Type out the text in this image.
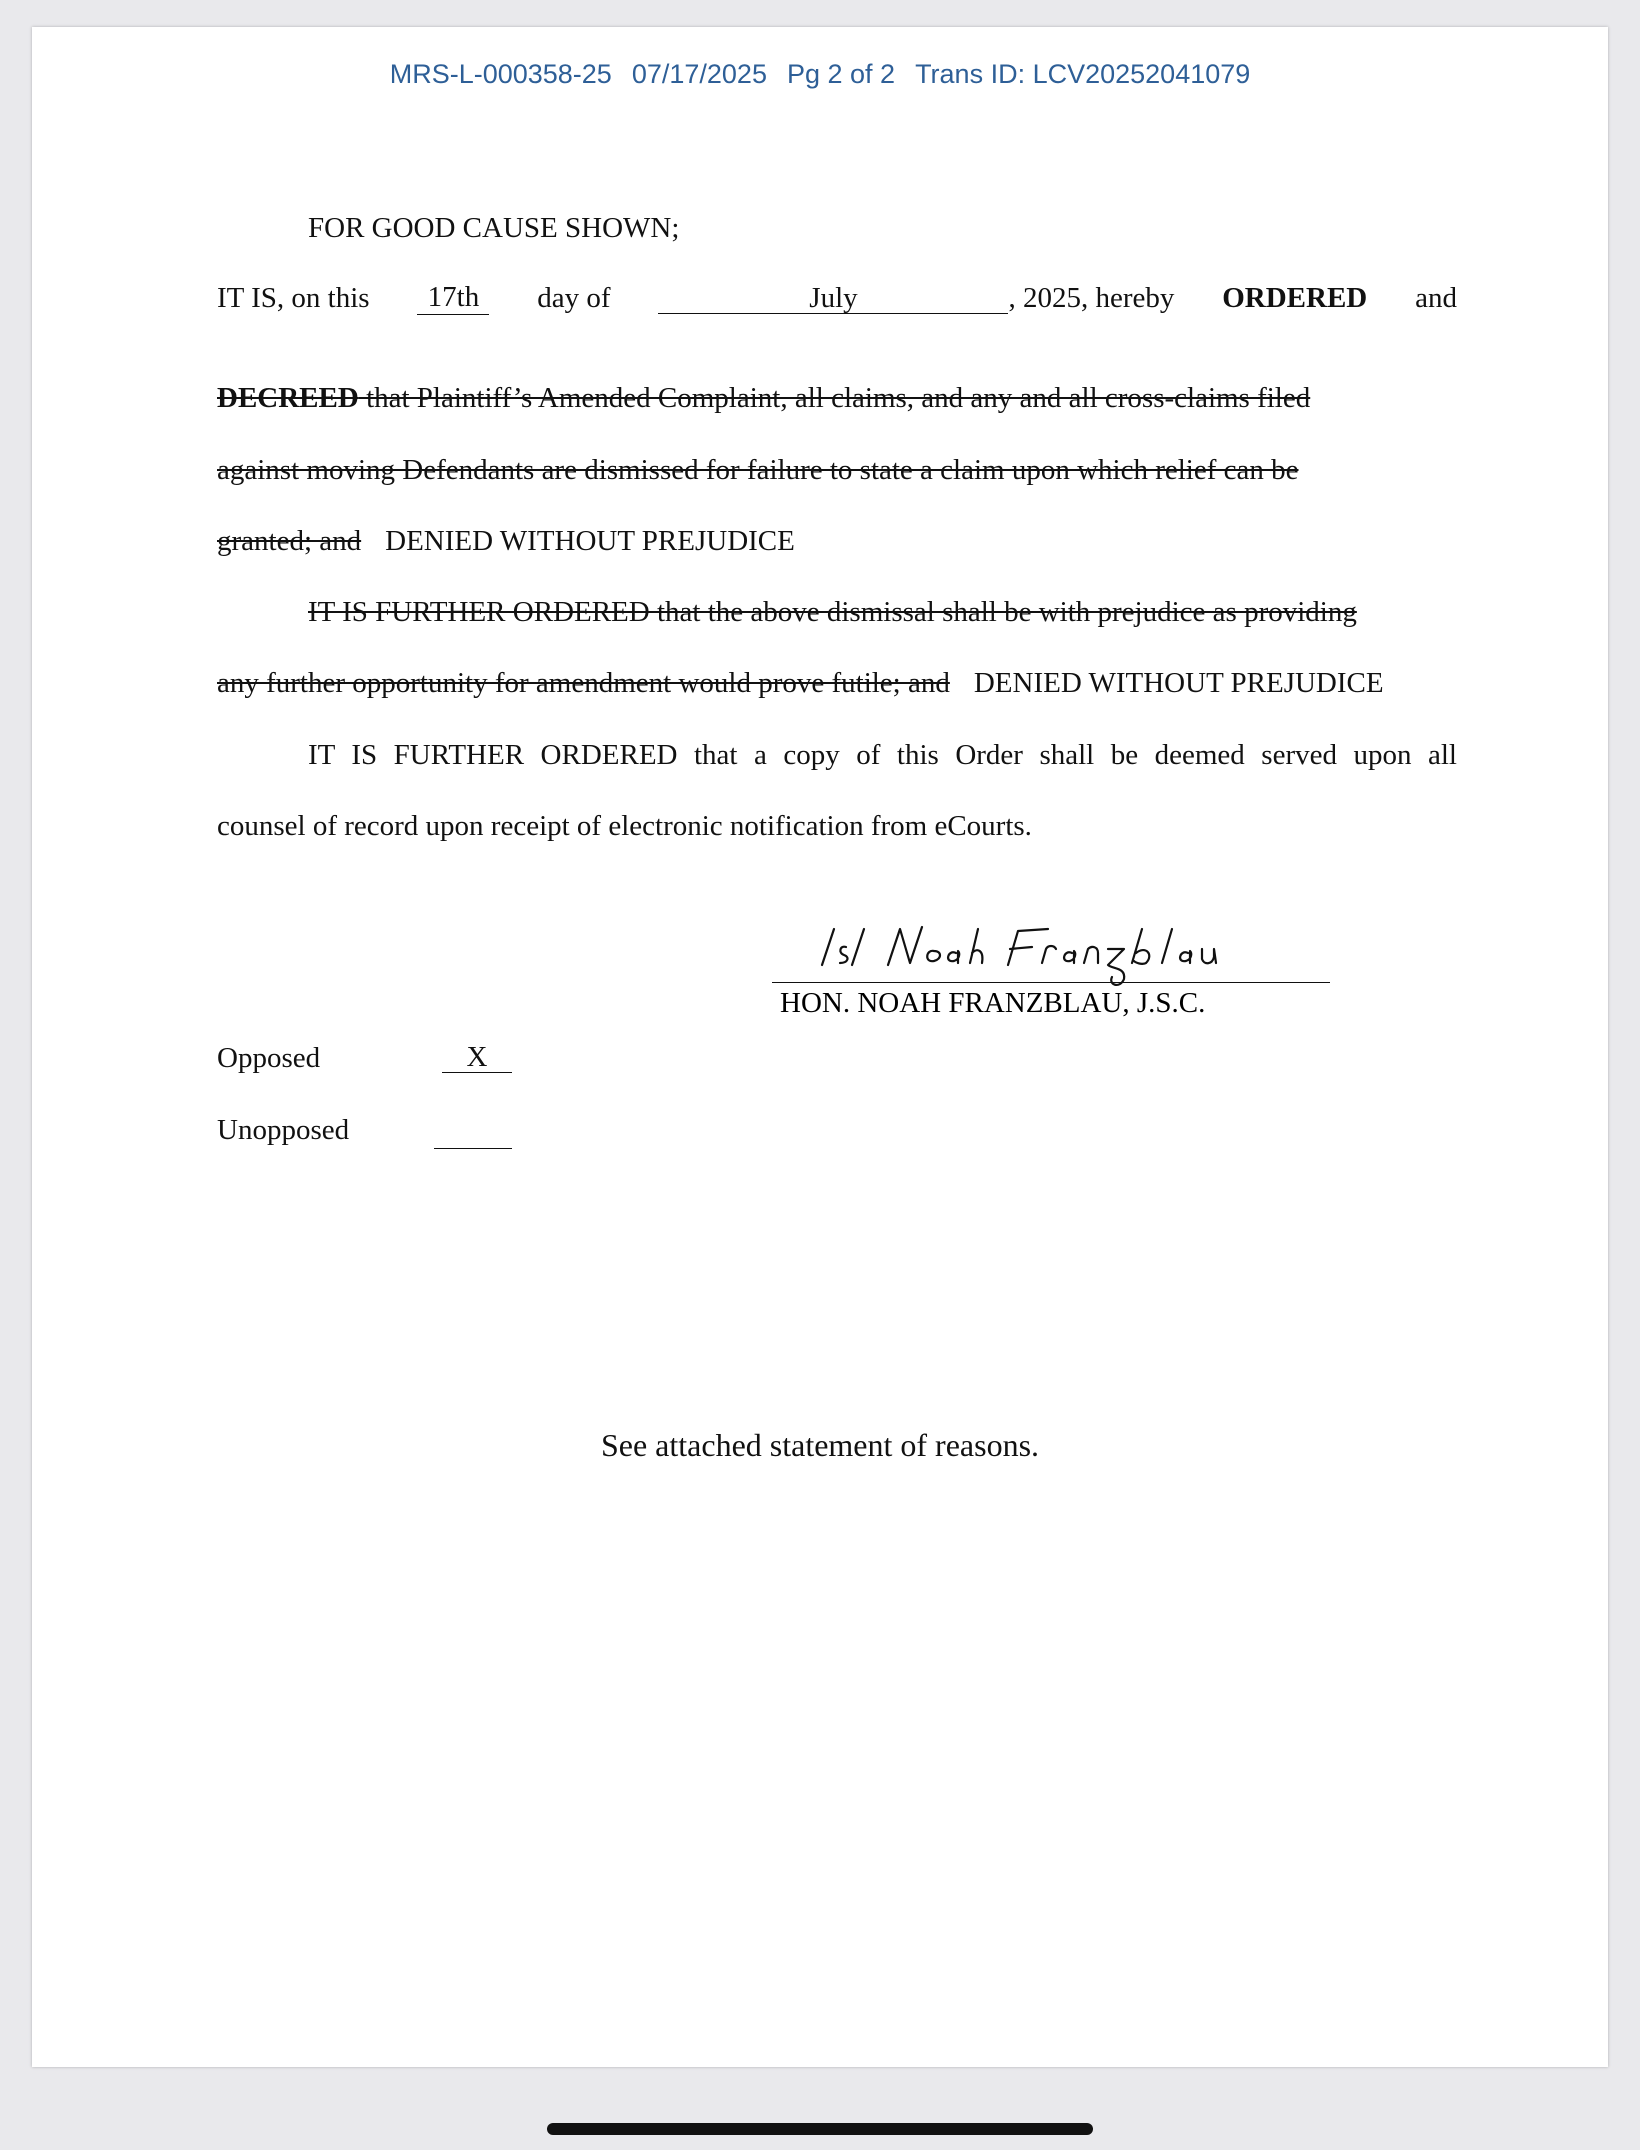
MRS-L-000358-25 07/17/2025 Pg 2 of 2 Trans ID: LCV20252041079
FOR GOOD CAUSE SHOWN;
IT IS, on this	17th	day of	July	, 2025, hereby ORDERED and
DECREED that Plaintiff’s Amended Complaint, all claims, and any and all cross-claims filed
against moving Defendants are dismissed for failure to state a claim upon which relief can be
granted; and DENIED WITHOUT PREJUDICE
IT IS FURTHER ORDERED that the above dismissal shall be with prejudice as providing
any further opportunity for amendment would prove futile; and DENIED WITHOUT PREJUDICE
IT IS FURTHER ORDERED that a copy of this Order shall be deemed served upon all
counsel of record upon receipt of electronic notification from eCourts.
HON. NOAH FRANZBLAU, J.S.C.
Opposed	X
Unopposed
See attached statement of reasons.
